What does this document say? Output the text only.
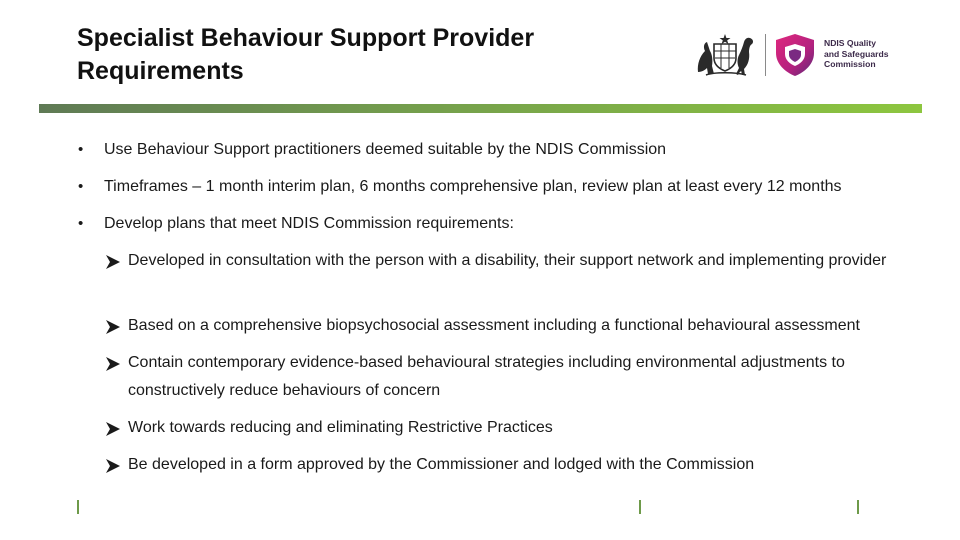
Specialist Behaviour Support Provider
Requirements
NDIS Quality
and Safeguards
Commission
•	Use Behaviour Support practitioners deemed suitable by the NDIS Commission
•	Timeframes – 1 month interim plan, 6 months comprehensive plan, review plan at least every 12 months
•	Develop plans that meet NDIS Commission requirements:
Developed in consultation with the person with a disability, their support network and implementing provider
Based on a comprehensive biopsychosocial assessment including a functional behavioural assessment
Contain contemporary evidence-based behavioural strategies including environmental adjustments to constructively reduce behaviours of concern
Work towards reducing and eliminating Restrictive Practices
Be developed in a form approved by the Commissioner and lodged with the Commission
